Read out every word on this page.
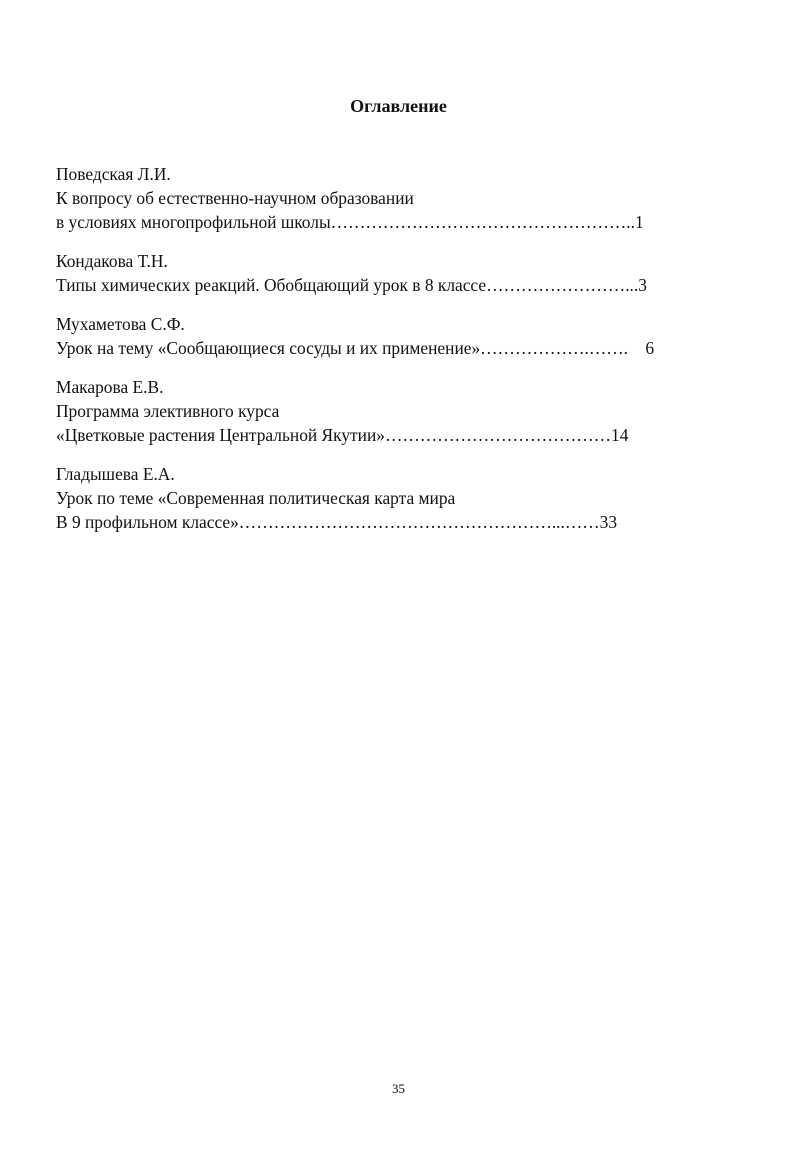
Оглавление
Поведская Л.И.
К вопросу об естественно-научном образовании
в условиях многопрофильной школы……………………………………………..1
Кондакова Т.Н.
Типы химических реакций. Обобщающий урок в 8 классе……………………...3
Мухаметова С.Ф.
Урок на тему «Сообщающиеся сосуды и их применение»……………….…….    6
Макарова Е.В.
Программа элективного курса
«Цветковые растения Центральной Якутии»…………………………………14
Гладышева Е.А.
Урок по теме «Современная политическая карта мира
В 9 профильном классе»………………………………………………...……33
35
